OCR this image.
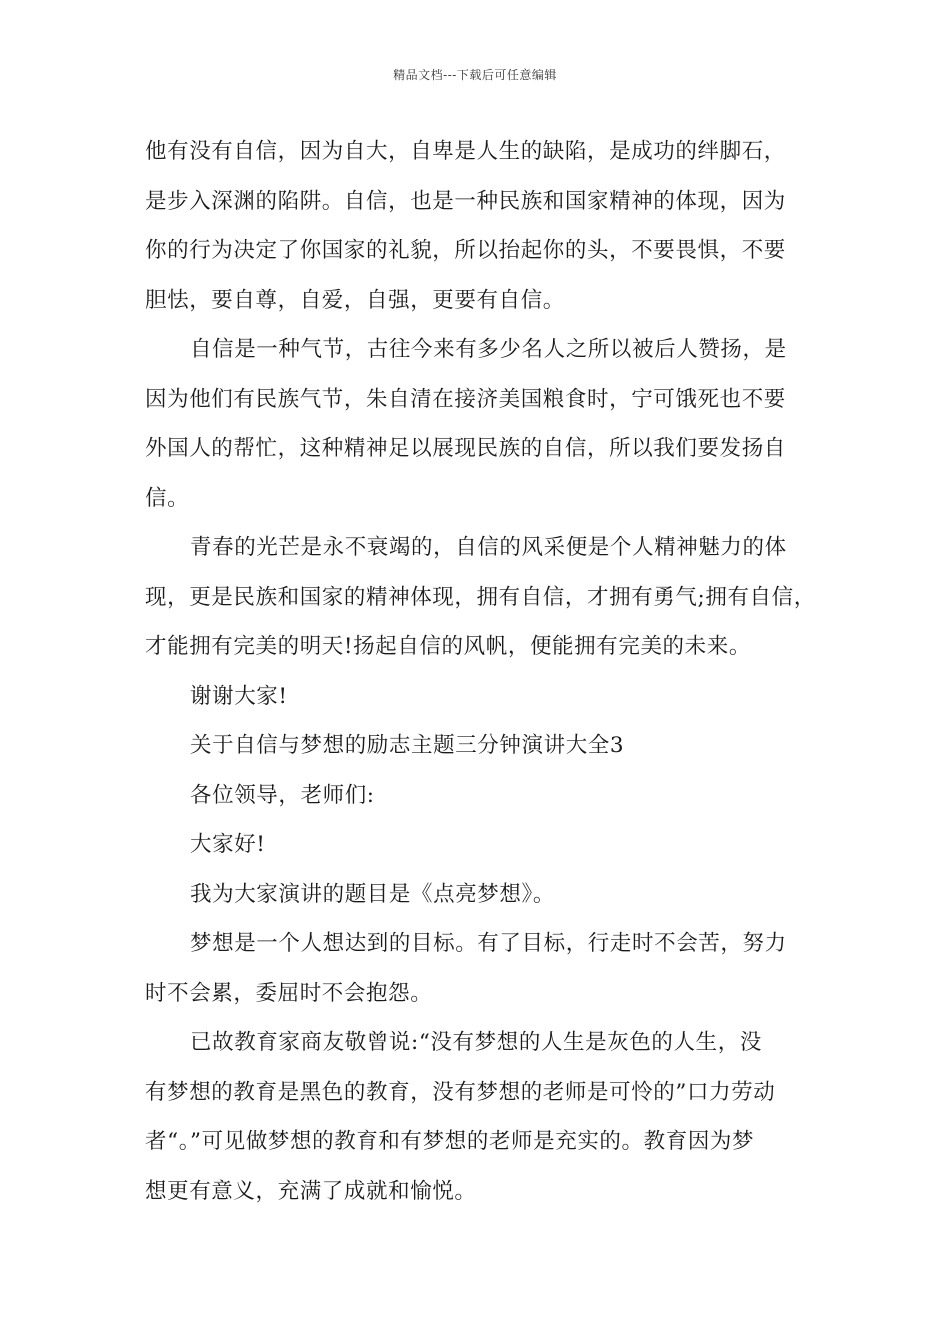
精品文档---下载后可任意编辑
他有没有自信，因为自大，自卑是人生的缺陷，是成功的绊脚石，
是步入深渊的陷阱。自信，也是一种民族和国家精神的体现，因为
你的行为决定了你国家的礼貌，所以抬起你的头，不要畏惧，不要
胆怯，要自尊，自爱，自强，更要有自信。
自信是一种气节，古往今来有多少名人之所以被后人赞扬，是
因为他们有民族气节，朱自清在接济美国粮食时，宁可饿死也不要
外国人的帮忙，这种精神足以展现民族的自信，所以我们要发扬自
信。
青春的光芒是永不衰竭的，自信的风采便是个人精神魅力的体
现，更是民族和国家的精神体现，拥有自信，才拥有勇气;拥有自信，
才能拥有完美的明天!扬起自信的风帆，便能拥有完美的未来。
谢谢大家!
关于自信与梦想的励志主题三分钟演讲大全3
各位领导，老师们:
大家好!
我为大家演讲的题目是《点亮梦想》。
梦想是一个人想达到的目标。有了目标，行走时不会苦，努力
时不会累，委屈时不会抱怨。
已故教育家商友敬曾说:“没有梦想的人生是灰色的人生，没
有梦想的教育是黑色的教育，没有梦想的老师是可怜的”口力劳动
者“。”可见做梦想的教育和有梦想的老师是充实的。教育因为梦
想更有意义，充满了成就和愉悦。
